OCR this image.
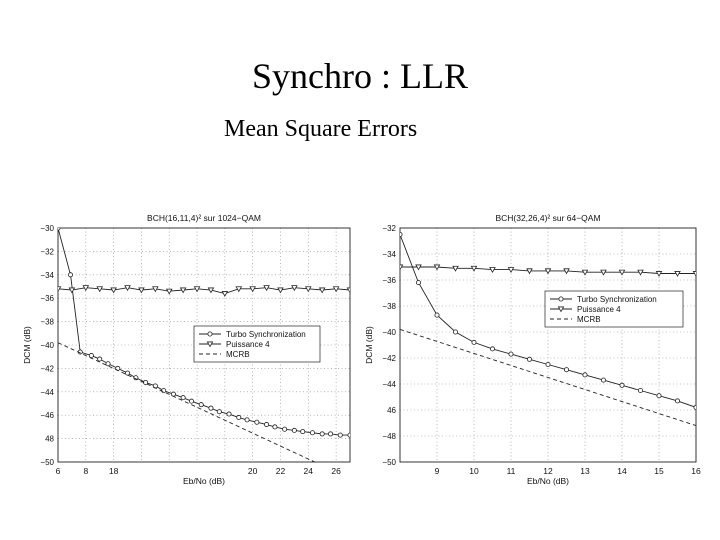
Synchro : LLR
Mean Square Errors
BCH(16,11,4)² sur 1024−QAM
6	8 18	20 22 24 26
−30
−32
−34
−36
−38
−40
−42
−44
−46
48
−50
Eb/No (dB)
DCM (dB)	Turbo Synchronization
Puissance 4
MCRB
BCH(32,26,4)² sur 64−QAM
9	10	11	12	13	14	15	16
−32
−34
−36
−38
−40
−42
−44
46
−48
−50
Eb/No (dB)
DCM (dB)
Turbo Synchronization
Puissance 4
MCRB
